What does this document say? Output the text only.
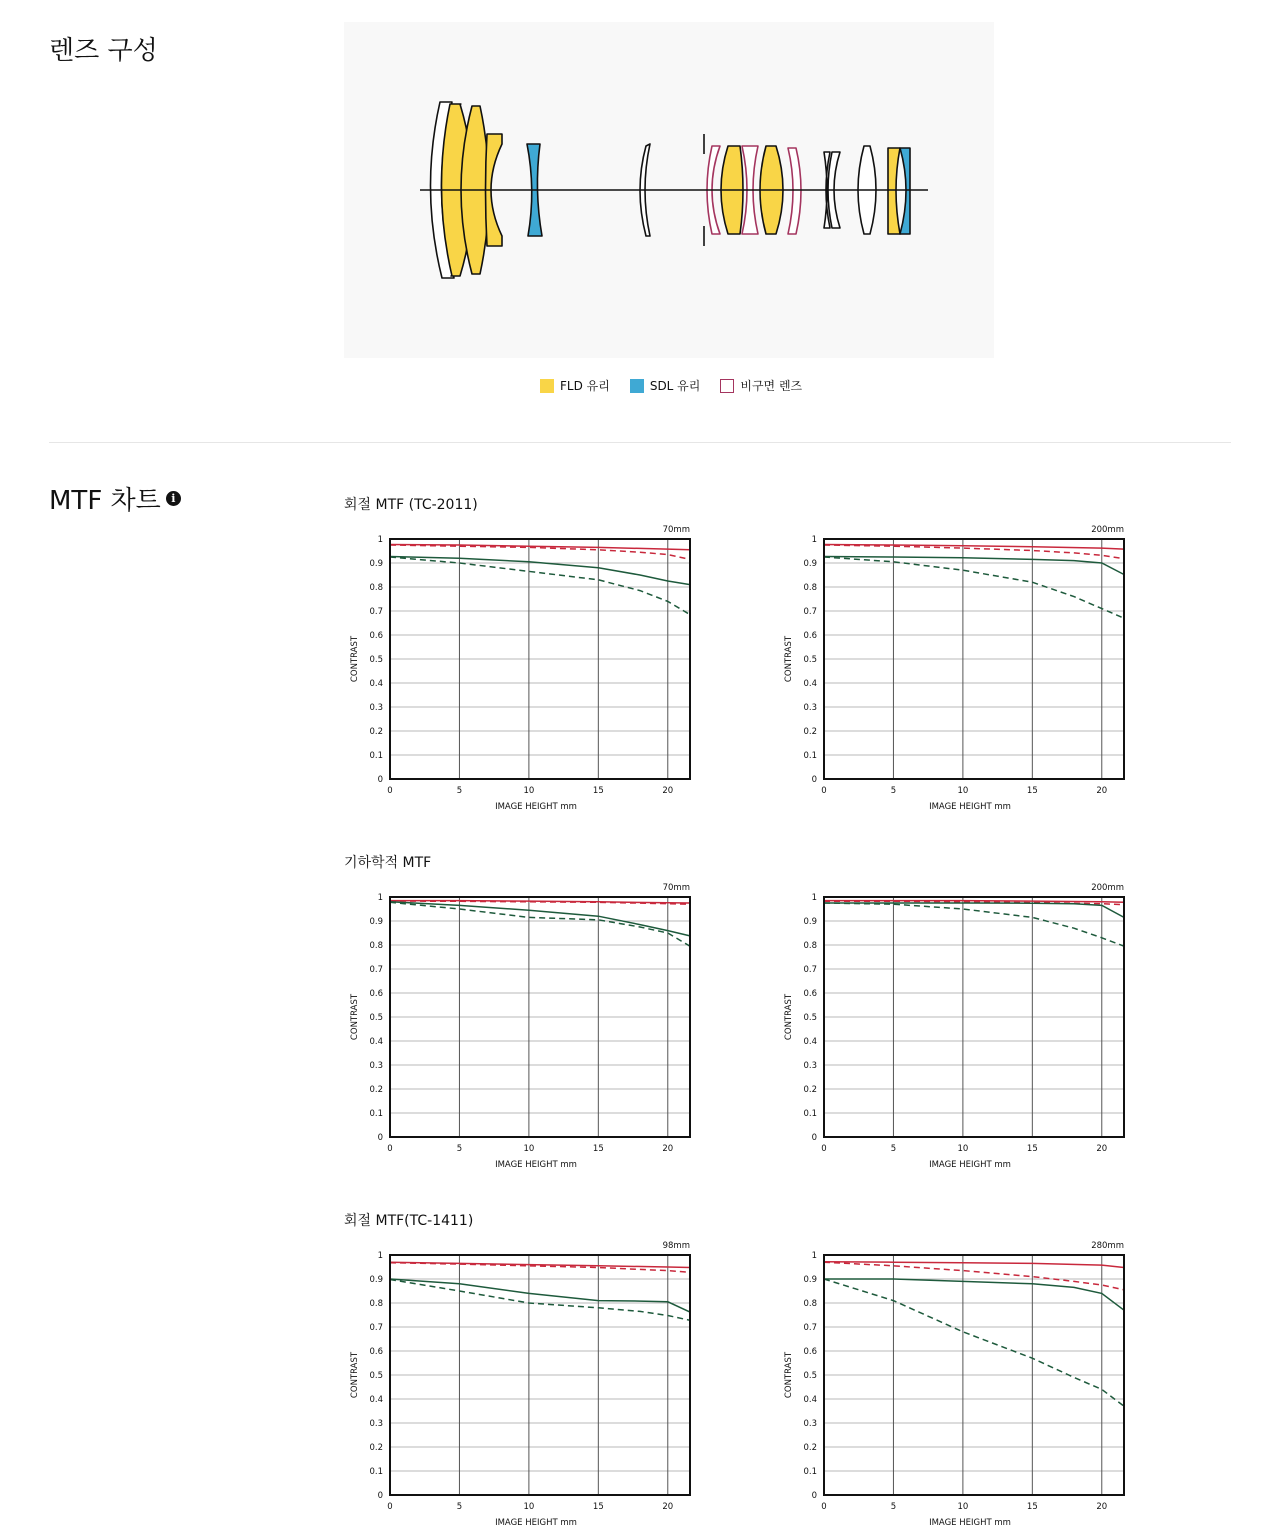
렌즈 구성
FLD 유리	SDL 유리	비구면 렌즈
MTF 차트 i	회절 MTF (TC-2011)
기하학적 MTF
회절 MTF(TC-1411)
0
0.1
0.2
0.3
0.4
0.5
0.6
0.7
0.8
0.9
1
0	5	10	15	20
70mm
IMAGE HEIGHT mm
CONTRAST
0
0.1
0.2
0.3
0.4
0.5
0.6
0.7
0.8
0.9
1
0	5	10	15	20
200mm
IMAGE HEIGHT mm
CONTRAST
0
0.1
0.2
0.3
0.4
0.5
0.6
0.7
0.8
0.9
1
0	5	10	15	20
70mm
IMAGE HEIGHT mm
CONTRAST
0
0.1
0.2
0.3
0.4
0.5
0.6
0.7
0.8
0.9
1
0	5	10	15	20
200mm
IMAGE HEIGHT mm
CONTRAST
0
0.1
0.2
0.3
0.4
0.5
0.6
0.7
0.8
0.9
1
0	5	10	15	20
98mm
IMAGE HEIGHT mm
CONTRAST
0
0.1
0.2
0.3
0.4
0.5
0.6
0.7
0.8
0.9
1
0	5	10	15	20
280mm
IMAGE HEIGHT mm
CONTRAST
